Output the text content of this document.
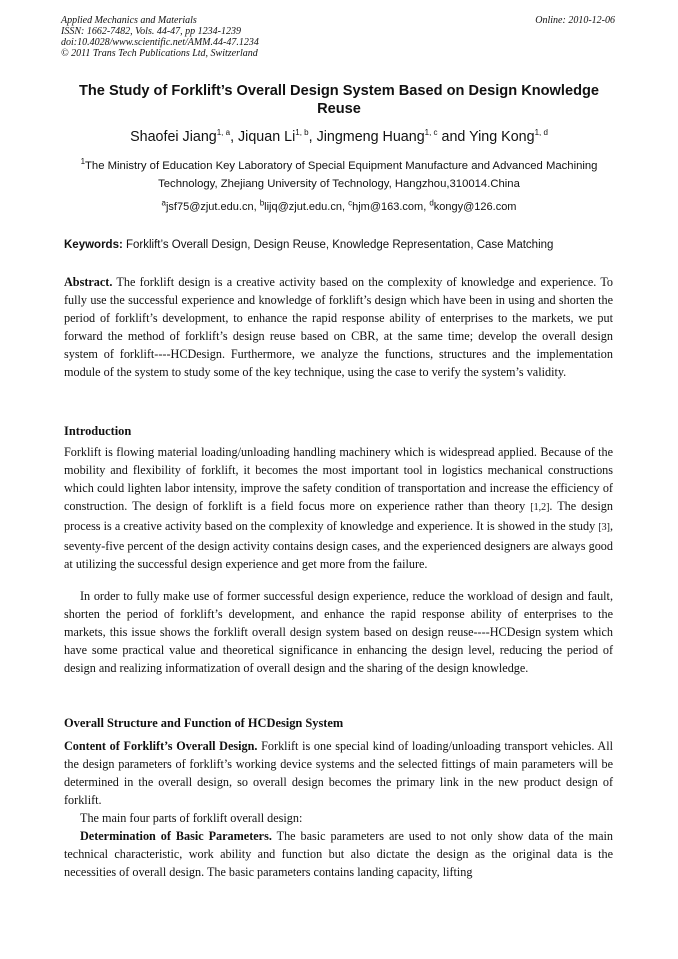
Applied Mechanics and Materials
ISSN: 1662-7482, Vols. 44-47, pp 1234-1239
doi:10.4028/www.scientific.net/AMM.44-47.1234
© 2011 Trans Tech Publications Ltd, Switzerland
Online: 2010-12-06
The Study of Forklift’s Overall Design System Based on Design Knowledge Reuse
Shaofei Jiang$^{1, a}$, Jiquan Li$^{1, b}$, Jingmeng Huang$^{1, c}$ and Ying Kong$^{1, d}$
$^1$The Ministry of Education Key Laboratory of Special Equipment Manufacture and Advanced Machining Technology, Zhejiang University of Technology, Hangzhou,310014.China
$^a$jsf75@zjut.edu.cn, $^b$lijq@zjut.edu.cn, $^c$hjm@163.com, $^d$kongy@126.com
Keywords: Forklift’s Overall Design, Design Reuse, Knowledge Representation, Case Matching
Abstract. The forklift design is a creative activity based on the complexity of knowledge and experience. To fully use the successful experience and knowledge of forklift’s design which have been in using and shorten the period of forklift’s development, to enhance the rapid response ability of enterprises to the markets, we put forward the method of forklift’s design reuse based on CBR, at the same time; develop the overall design system of forklift----HCDesign. Furthermore, we analyze the functions, structures and the implementation module of the system to study some of the key technique, using the case to verify the system’s validity.
Introduction
Forklift is flowing material loading/unloading handling machinery which is widespread applied. Because of the mobility and flexibility of forklift, it becomes the most important tool in logistics mechanical constructions which could lighten labor intensity, improve the safety condition of transportation and increase the efficiency of construction. The design of forklift is a field focus more on experience rather than theory [1,2]. The design process is a creative activity based on the complexity of knowledge and experience. It is showed in the study [3], seventy-five percent of the design activity contains design cases, and the experienced designers are always good at utilizing the successful design experience and get more from the failure.
In order to fully make use of former successful design experience, reduce the workload of design and fault, shorten the period of forklift’s development, and enhance the rapid response ability of enterprises to the markets, this issue shows the forklift overall design system based on design reuse----HCDesign system which have some practical value and theoretical significance in enhancing the design level, reducing the period of design and realizing informatization of overall design and the sharing of the design knowledge.
Overall Structure and Function of HCDesign System
Content of Forklift’s Overall Design. Forklift is one special kind of loading/unloading transport vehicles. All the design parameters of forklift’s working device systems and the selected fittings of main parameters will be determined in the overall design, so overall design becomes the primary link in the new product design of forklift.
The main four parts of forklift overall design:
Determination of Basic Parameters. The basic parameters are used to not only show data of the main technical characteristic, work ability and function but also dictate the design as the original data is the necessities of overall design. The basic parameters contains landing capacity, lifting
